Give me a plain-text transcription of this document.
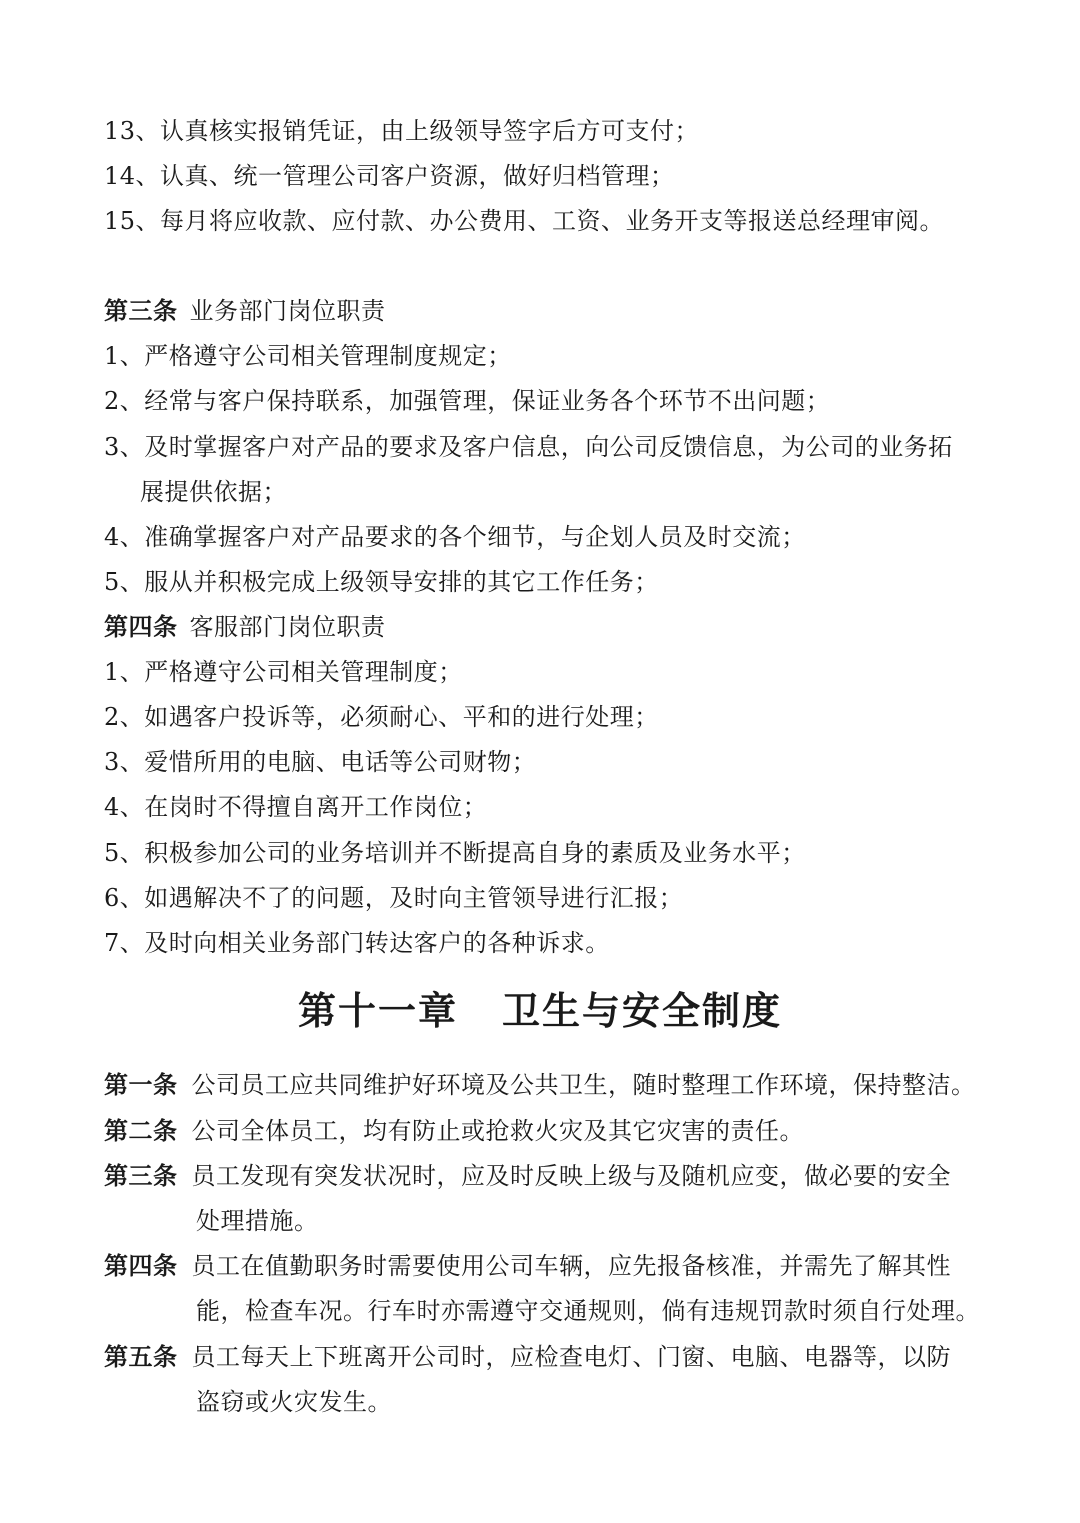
13、认真核实报销凭证，由上级领导签字后方可支付；
14、认真、统一管理公司客户资源，做好归档管理；
15、每月将应收款、应付款、办公费用、工资、业务开支等报送总经理审阅。
第三条 业务部门岗位职责
1、严格遵守公司相关管理制度规定；
2、经常与客户保持联系，加强管理，保证业务各个环节不出问题；
3、及时掌握客户对产品的要求及客户信息，向公司反馈信息，为公司的业务拓
展提供依据；
4、准确掌握客户对产品要求的各个细节，与企划人员及时交流；
5、服从并积极完成上级领导安排的其它工作任务；
第四条 客服部门岗位职责
1、严格遵守公司相关管理制度；
2、如遇客户投诉等，必须耐心、平和的进行处理；
3、爱惜所用的电脑、电话等公司财物；
4、在岗时不得擅自离开工作岗位；
5、积极参加公司的业务培训并不断提高自身的素质及业务水平；
6、如遇解决不了的问题，及时向主管领导进行汇报；
7、及时向相关业务部门转达客户的各种诉求。
第十一章 卫生与安全制度
第一条 公司员工应共同维护好环境及公共卫生，随时整理工作环境，保持整洁。
第二条 公司全体员工，均有防止或抢救火灾及其它灾害的责任。
第三条 员工发现有突发状况时，应及时反映上级与及随机应变，做必要的安全
处理措施。
第四条 员工在值勤职务时需要使用公司车辆，应先报备核准，并需先了解其性
能，检查车况。行车时亦需遵守交通规则，倘有违规罚款时须自行处理。
第五条 员工每天上下班离开公司时，应检查电灯、门窗、电脑、电器等，以防
盗窃或火灾发生。
